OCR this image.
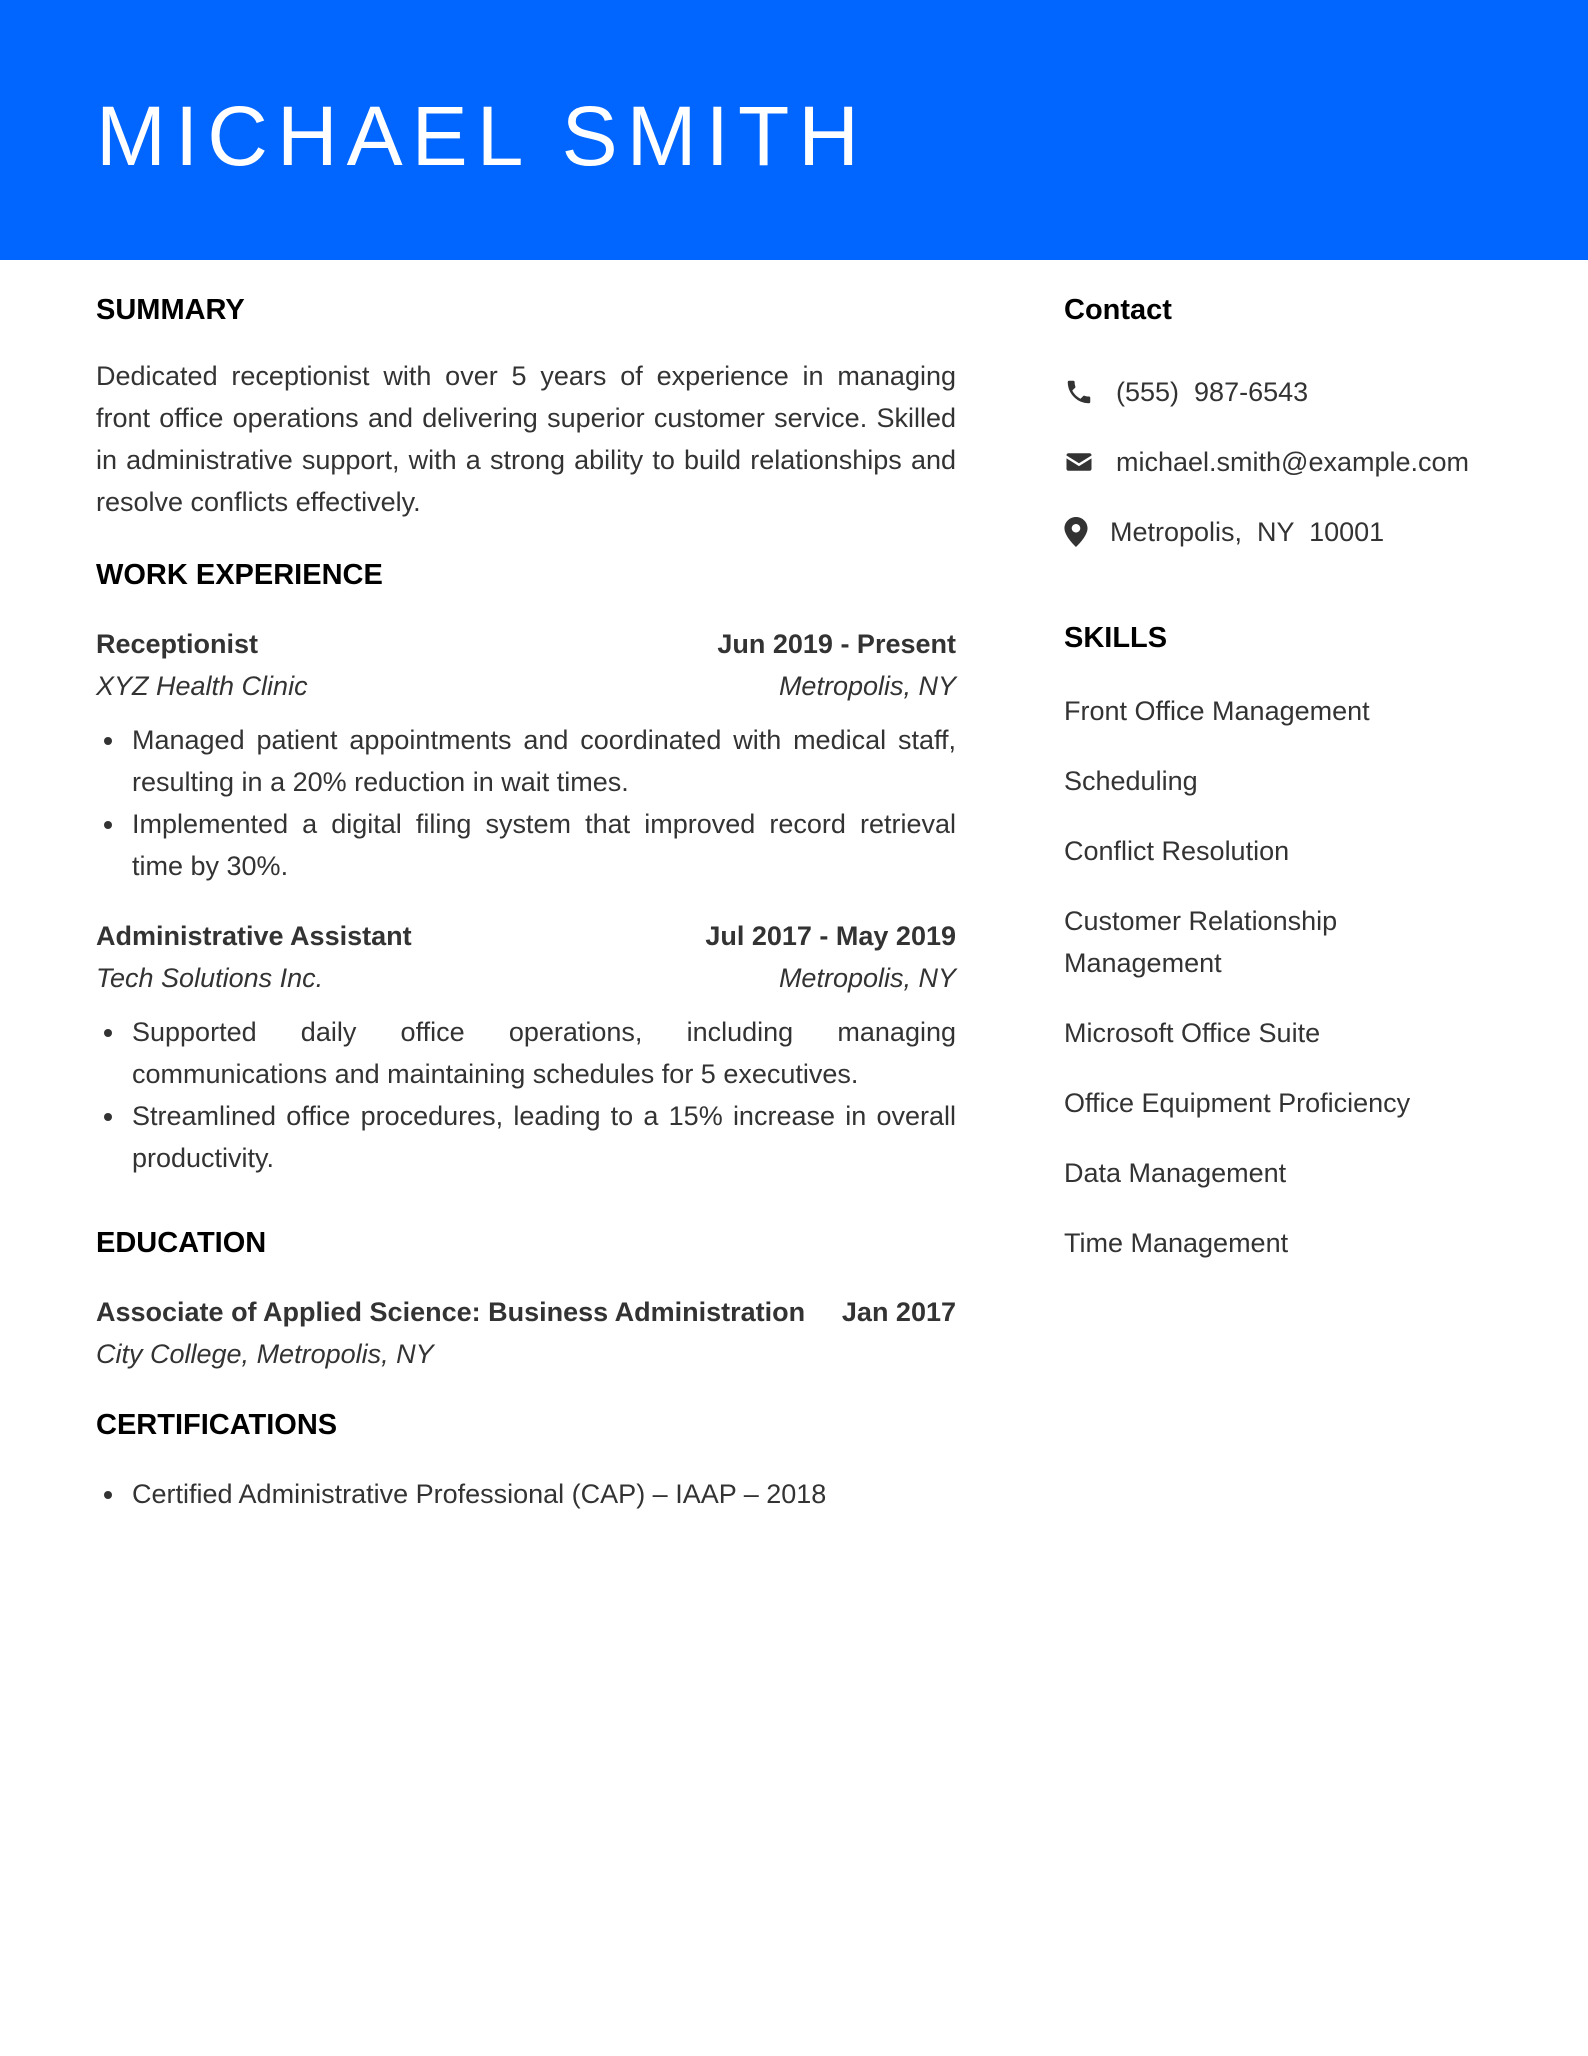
MICHAEL SMITH
SUMMARY

Dedicated receptionist with over 5 years of experience in managing front office operations and delivering superior customer service. Skilled in administrative support, with a strong ability to build relationships and resolve conflicts effectively.

WORK EXPERIENCE
Receptionist	Jun 2019 - Present
XYZ Health Clinic	Metropolis, NY
Managed patient appointments and coordinated with medical staff, resulting in a 20% reduction in wait times.
Implemented a digital filing system that improved record retrieval time by 30%.
Administrative Assistant	Jul 2017 - May 2019
Tech Solutions Inc.	Metropolis, NY
Supported daily office operations, including managing communications and maintaining schedules for 5 executives.
Streamlined office procedures, leading to a 15% increase in overall productivity.
EDUCATION
Associate of Applied Science: Business Administration Jan 2017
City College, Metropolis, NY
CERTIFICATIONS
Certified Administrative Professional (CAP) – IAAP – 2018
Contact
(555)  987-6543
michael.smith@example.com
Metropolis,  NY  10001
SKILLS
Front Office Management
Scheduling
Conflict Resolution
Customer Relationship Management
Microsoft Office Suite
Office Equipment Proficiency
Data Management
Time Management
